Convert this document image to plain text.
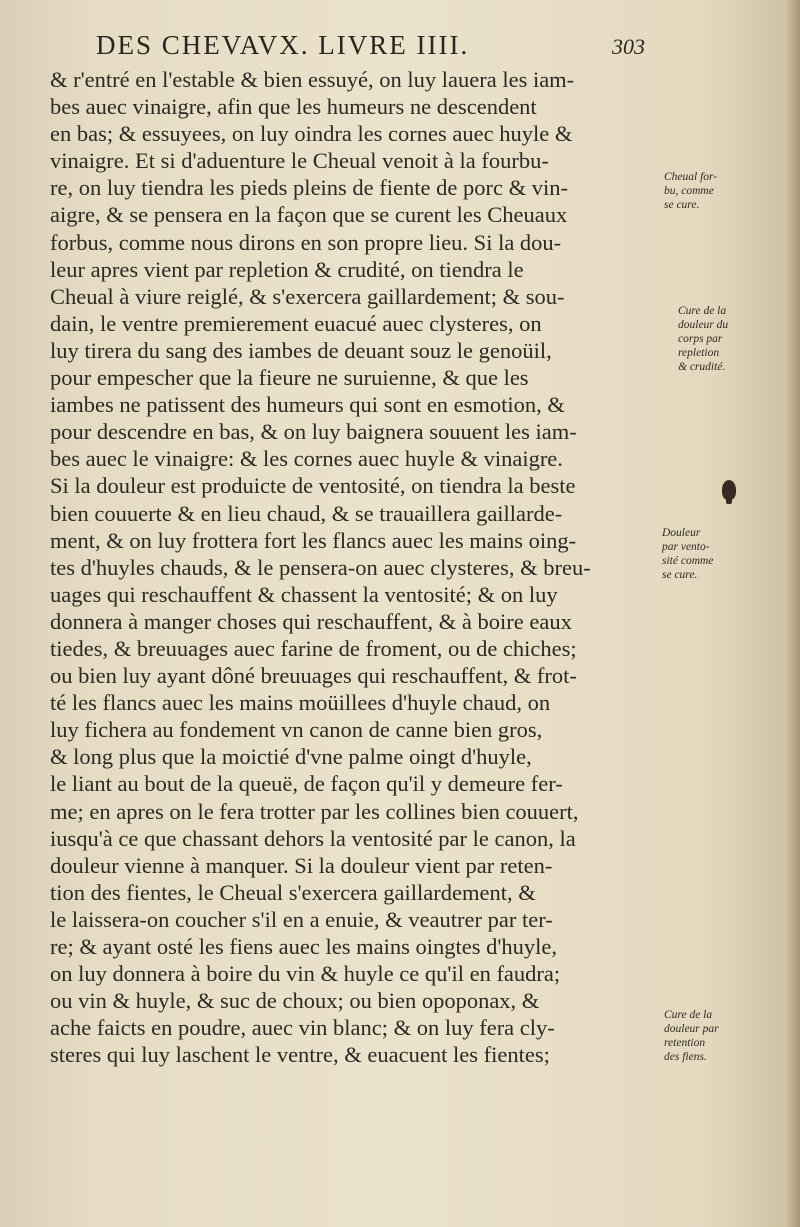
DES CHEVAVX. LIVRE IIII.	303
& r'entré en l'estable & bien essuyé, on luy lauera les iam-
bes auec vinaigre, afin que les humeurs ne descendent
en bas; & essuyees, on luy oindra les cornes auec huyle &
vinaigre. Et si d'aduenture le Cheual venoit à la fourbu-
re, on luy tiendra les pieds pleins de fiente de porc & vin-
aigre, & se pensera en la façon que se curent les Cheuaux
forbus, comme nous dirons en son propre lieu. Si la dou-
leur apres vient par repletion & crudité, on tiendra le
Cheual à viure reiglé, & s'exercera gaillardement; & sou-
dain, le ventre premierement euacué auec clysteres, on
luy tirera du sang des iambes de deuant souz le genoüil,
pour empescher que la fieure ne suruienne, & que les
iambes ne patissent des humeurs qui sont en esmotion, &
pour descendre en bas, & on luy baignera souuent les iam-
bes auec le vinaigre: & les cornes auec huyle & vinaigre.
Si la douleur est produicte de ventosité, on tiendra la beste
bien couuerte & en lieu chaud, & se trauaillera gaillarde-
ment, & on luy frottera fort les flancs auec les mains oing-
tes d'huyles chauds, & le pensera-on auec clysteres, & breu-
uages qui reschauffent & chassent la ventosité; & on luy
donnera à manger choses qui reschauffent, & à boire eaux
tiedes, & breuuages auec farine de froment, ou de chiches;
ou bien luy ayant dôné breuuages qui reschauffent, & frot-
té les flancs auec les mains moüillees d'huyle chaud, on
luy fichera au fondement vn canon de canne bien gros,
& long plus que la moictié d'vne palme oingt d'huyle,
le liant au bout de la queuë, de façon qu'il y demeure fer-
me; en apres on le fera trotter par les collines bien couuert,
iusqu'à ce que chassant dehors la ventosité par le canon, la
douleur vienne à manquer. Si la douleur vient par reten-
tion des fientes, le Cheual s'exercera gaillardement, &
le laissera-on coucher s'il en a enuie, & veautrer par ter-
re; & ayant osté les fiens auec les mains oingtes d'huyle,
on luy donnera à boire du vin & huyle ce qu'il en faudra;
ou vin & huyle, & suc de choux; ou bien opoponax, &
ache faicts en poudre, auec vin blanc; & on luy fera cly-
steres qui luy laschent le ventre, & euacuent les fientes;
Cheual for-
bu, comme
se cure.
Cure de la
douleur du
corps par
repletion
& crudité.
Douleur
par vento-
sité comme
se cure.
Cure de la
douleur par
retention
des fiens.
